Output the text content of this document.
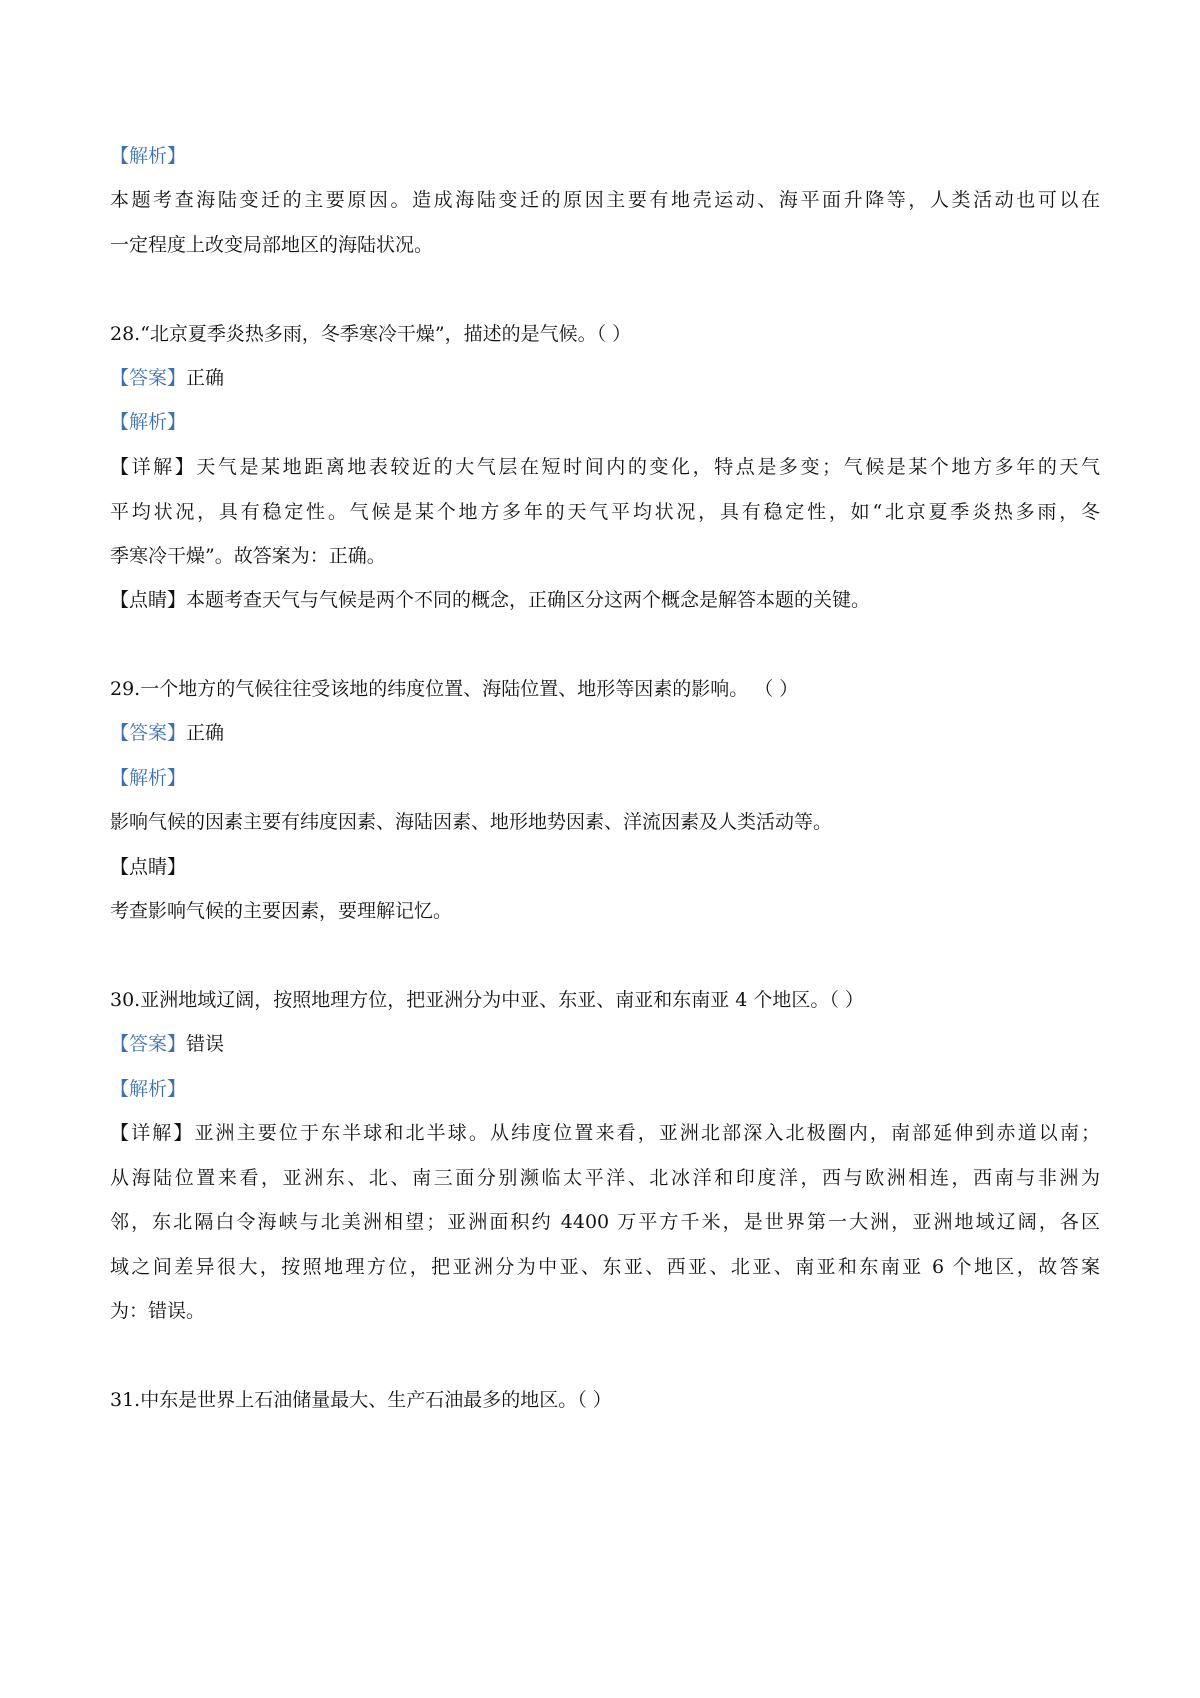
【解析】
本题考查海陆变迁的主要原因。造成海陆变迁的原因主要有地壳运动、海平面升降等，人类活动也可以在
一定程度上改变局部地区的海陆状况。
28.“北京夏季炎热多雨，冬季寒冷干燥”，描述的是气候。（ ）
【答案】正确
【解析】
【详解】天气是某地距离地表较近的大气层在短时间内的变化，特点是多变；气候是某个地方多年的天气
平均状况，具有稳定性。气候是某个地方多年的天气平均状况，具有稳定性，如“北京夏季炎热多雨，冬
季寒冷干燥”。故答案为：正确。
【点睛】本题考查天气与气候是两个不同的概念，正确区分这两个概念是解答本题的关键。
29.一个地方的气候往往受该地的纬度位置、海陆位置、地形等因素的影响。 （ ）
【答案】正确
【解析】
影响气候的因素主要有纬度因素、海陆因素、地形地势因素、洋流因素及人类活动等。
【点睛】
考查影响气候的主要因素，要理解记忆。
30.亚洲地域辽阔，按照地理方位，把亚洲分为中亚、东亚、南亚和东南亚 4 个地区。（ ）
【答案】错误
【解析】
【详解】亚洲主要位于东半球和北半球。从纬度位置来看，亚洲北部深入北极圈内，南部延伸到赤道以南；
从海陆位置来看，亚洲东、北、南三面分别濒临太平洋、北冰洋和印度洋，西与欧洲相连，西南与非洲为
邻，东北隔白令海峡与北美洲相望；亚洲面积约 4400 万平方千米，是世界第一大洲，亚洲地域辽阔，各区
域之间差异很大，按照地理方位，把亚洲分为中亚、东亚、西亚、北亚、南亚和东南亚 6 个地区，故答案
为：错误。
31.中东是世界上石油储量最大、生产石油最多的地区。（ ）
